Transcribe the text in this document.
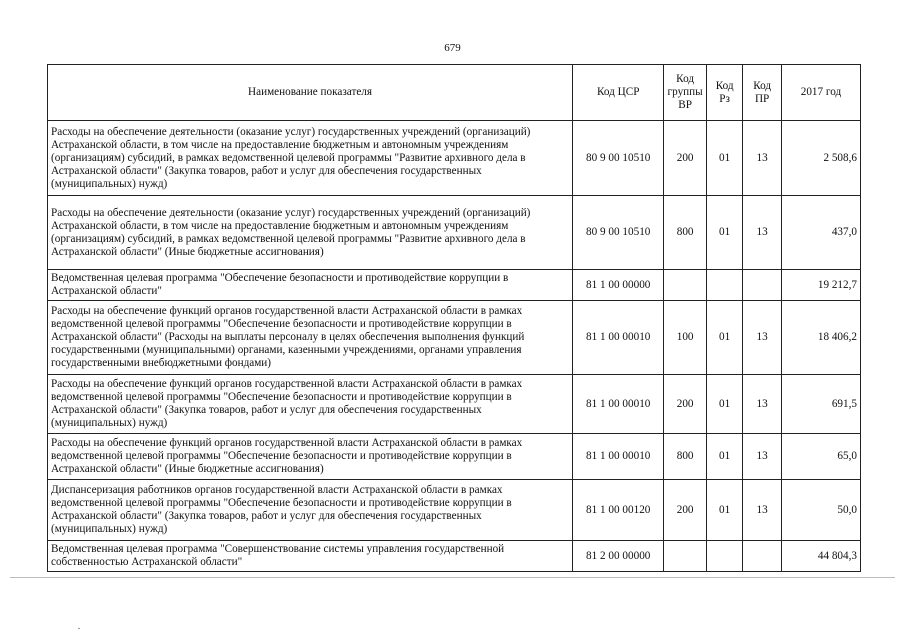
679
Наименование показателя	Код ЦСР	Код группы ВР	Код Рз	Код ПР	2017 год
Расходы на обеспечение деятельности (оказание услуг) государственных учреждений (организаций) Астраханской области, в том числе на предоставление бюджетным и автономным учреждениям (организациям) субсидий, в рамках ведомственной целевой программы "Развитие архивного дела в Астраханской области" (Закупка товаров, работ и услуг для обеспечения государственных (муниципальных) нужд)	80 9 00 10510	200	01	13	2 508,6
Расходы на обеспечение деятельности (оказание услуг) государственных учреждений (организаций) Астраханской области, в том числе на предоставление бюджетным и автономным учреждениям (организациям) субсидий, в рамках ведомственной целевой программы "Развитие архивного дела в Астраханской области" (Иные бюджетные ассигнования)	80 9 00 10510	800	01	13	437,0
Ведомственная целевая программа "Обеспечение безопасности и противодействие коррупции в Астраханской области"	81 1 00 00000				19 212,7
Расходы на обеспечение функций органов государственной власти Астраханской области в рамках ведомственной целевой программы "Обеспечение безопасности и противодействие коррупции в Астраханской области" (Расходы на выплаты персоналу в целях обеспечения выполнения функций государственными (муниципальными) органами, казенными учреждениями, органами управления государственными внебюджетными фондами)	81 1 00 00010	100	01	13	18 406,2
Расходы на обеспечение функций органов государственной власти Астраханской области в рамках ведомственной целевой программы "Обеспечение безопасности и противодействие коррупции в Астраханской области" (Закупка товаров, работ и услуг для обеспечения государственных (муниципальных) нужд)	81 1 00 00010	200	01	13	691,5
Расходы на обеспечение функций органов государственной власти Астраханской области в рамках ведомственной целевой программы "Обеспечение безопасности и противодействие коррупции в Астраханской области" (Иные бюджетные ассигнования)	81 1 00 00010	800	01	13	65,0
Диспансеризация работников органов государственной власти Астраханской области в рамках ведомственной целевой программы "Обеспечение безопасности и противодействие коррупции в Астраханской области" (Закупка товаров, работ и услуг для обеспечения государственных (муниципальных) нужд)	81 1 00 00120	200	01	13	50,0
Ведомственная целевая программа "Совершенствование системы управления государственной собственностью Астраханской области"	81 2 00 00000				44 804,3
